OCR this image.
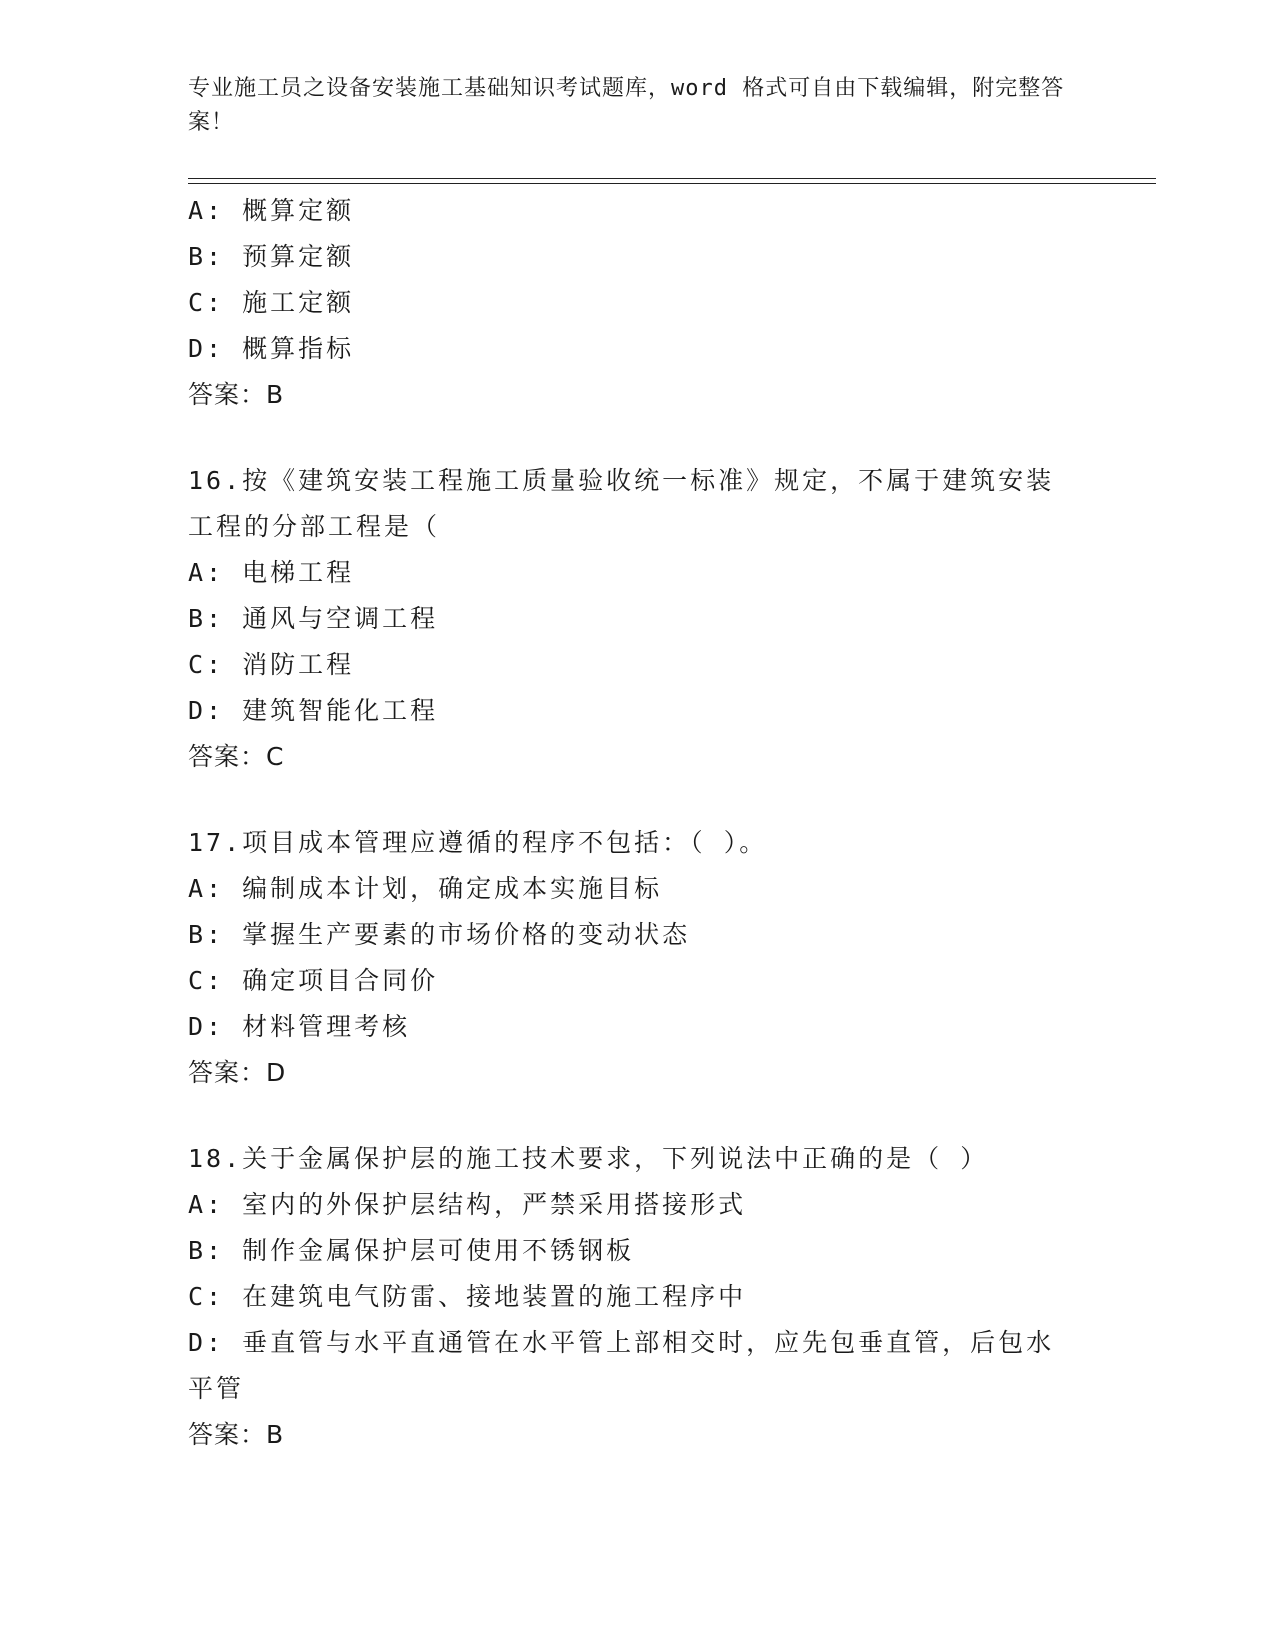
专业施工员之设备安装施工基础知识考试题库，word 格式可自由下载编辑，附完整答案！
A: 概算定额
B: 预算定额
C: 施工定额
D: 概算指标
答案：B
16.按《建筑安装工程施工质量验收统一标准》规定，不属于建筑安装工程的分部工程是（
A: 电梯工程
B: 通风与空调工程
C: 消防工程
D: 建筑智能化工程
答案：C
17.项目成本管理应遵循的程序不包括：（ ）。
A: 编制成本计划，确定成本实施目标
B: 掌握生产要素的市场价格的变动状态
C: 确定项目合同价
D: 材料管理考核
答案：D
18.关于金属保护层的施工技术要求，下列说法中正确的是（ ）
A: 室内的外保护层结构，严禁采用搭接形式
B: 制作金属保护层可使用不锈钢板
C: 在建筑电气防雷、接地装置的施工程序中
D: 垂直管与水平直通管在水平管上部相交时，应先包垂直管，后包水平管
答案：B
